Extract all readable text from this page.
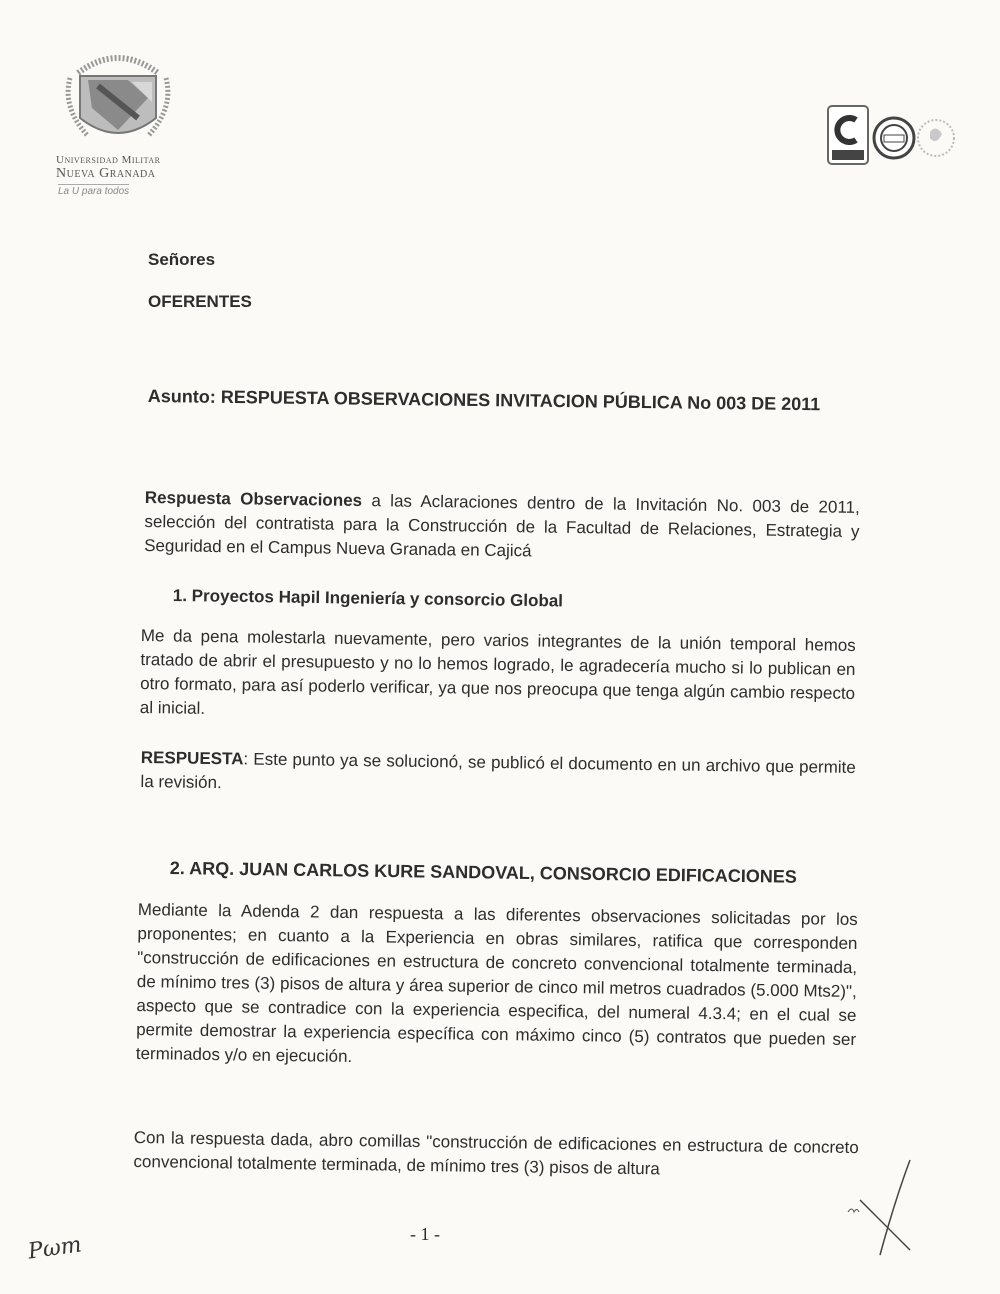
Universidad Militar
Nueva Granada
La U para todos
Señores
OFERENTES
Asunto: RESPUESTA OBSERVACIONES INVITACION PÚBLICA No 003 DE 2011
Respuesta Observaciones a las Aclaraciones dentro de la Invitación No. 003 de 2011, selección del contratista para la Construcción de la Facultad de Relaciones, Estrategia y Seguridad en el Campus Nueva Granada en Cajicá
1. Proyectos Hapil Ingeniería y consorcio Global
Me da pena molestarla nuevamente, pero varios integrantes de la unión temporal hemos tratado de abrir el presupuesto y no lo hemos logrado, le agradecería mucho si lo publican en otro formato, para así poderlo verificar, ya que nos preocupa que tenga algún cambio respecto al inicial.
RESPUESTA: Este punto ya se solucionó, se publicó el documento en un archivo que permite la revisión.
2. ARQ. JUAN CARLOS KURE SANDOVAL, CONSORCIO EDIFICACIONES
Mediante la Adenda 2 dan respuesta a las diferentes observaciones solicitadas por los proponentes; en cuanto a la Experiencia en obras similares, ratifica que corresponden "construcción de edificaciones en estructura de concreto convencional totalmente terminada, de mínimo tres (3) pisos de altura y área superior de cinco mil metros cuadrados (5.000 Mts2)", aspecto que se contradice con la experiencia especifica, del numeral 4.3.4; en el cual se permite demostrar la experiencia específica con máximo cinco (5) contratos que pueden ser terminados y/o en ejecución.
Con la respuesta dada, abro comillas "construcción de edificaciones en estructura de concreto convencional totalmente terminada, de mínimo tres (3) pisos de altura
- 1 -
Ρωm
